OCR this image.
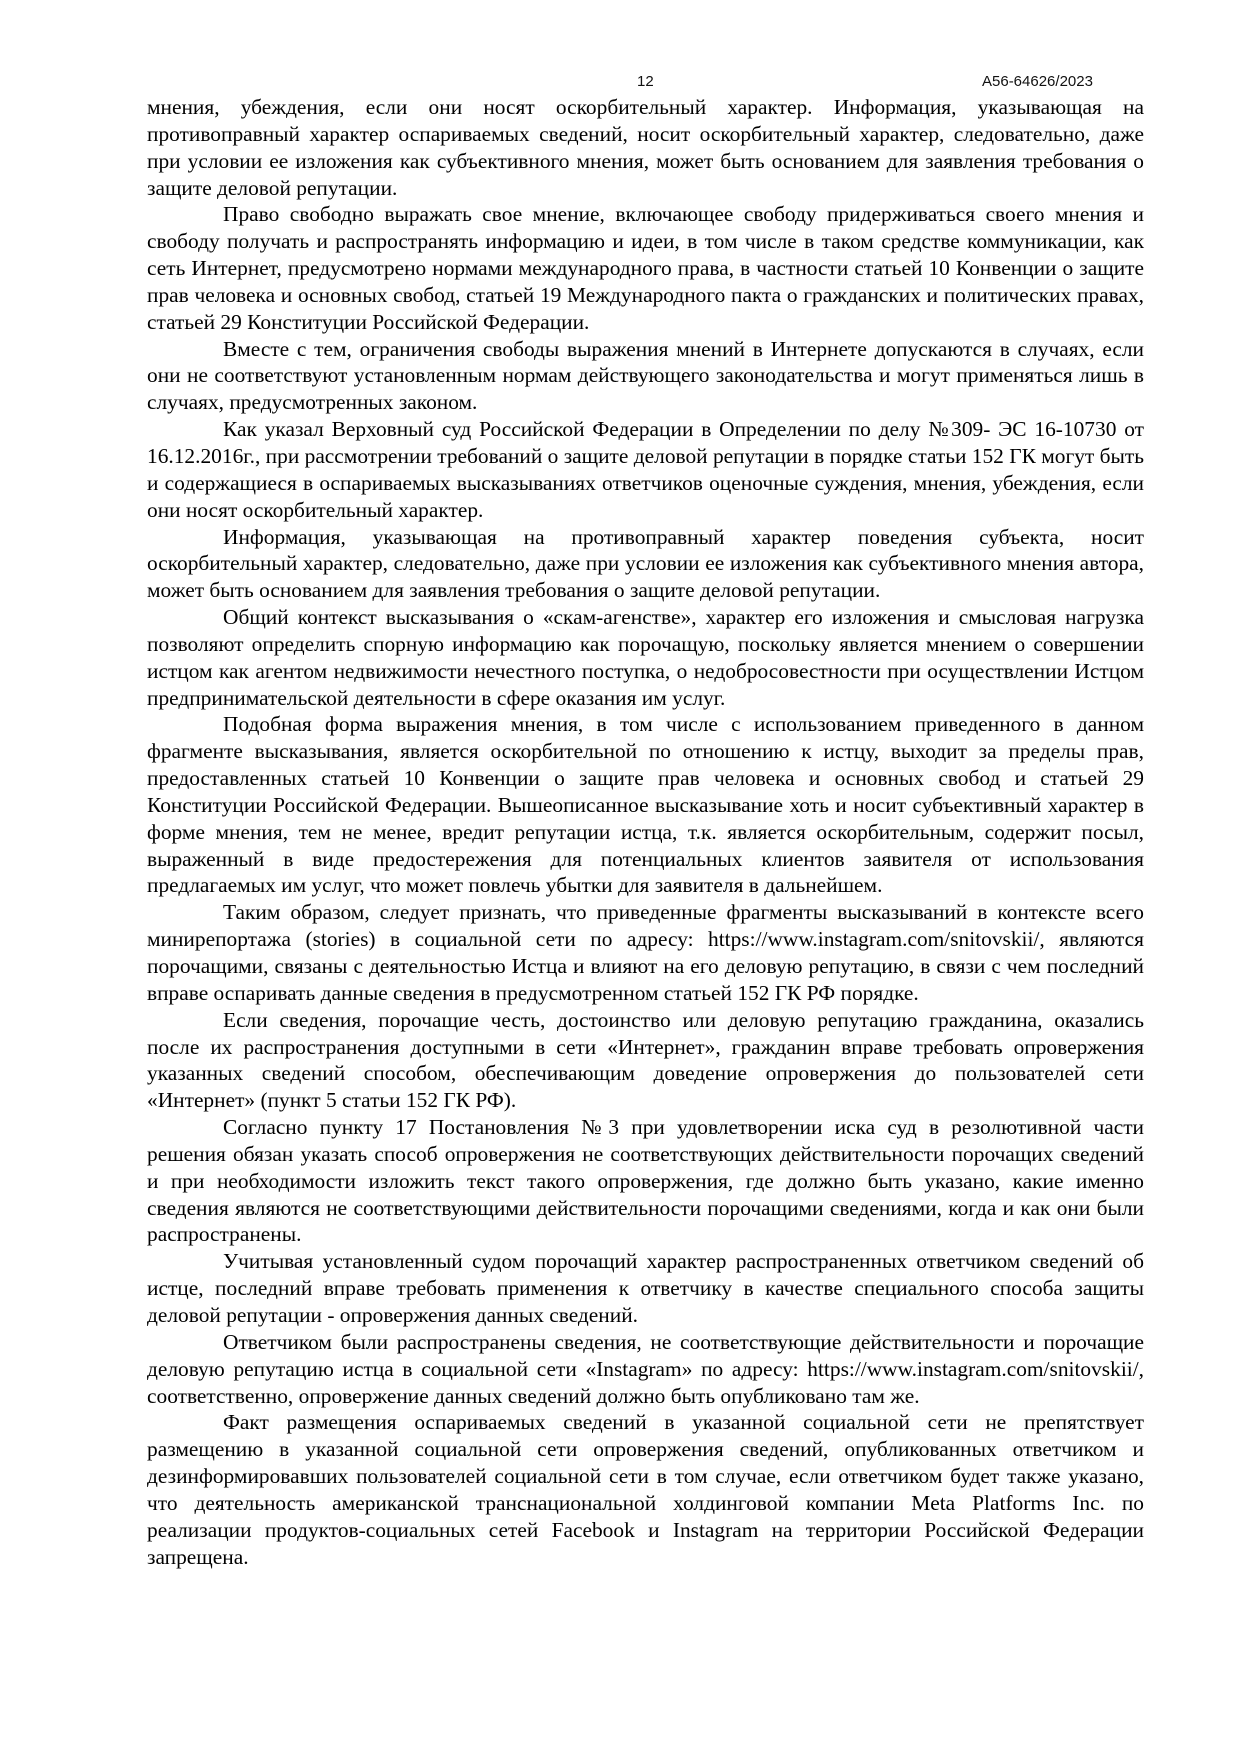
12	А56-64626/2023

мнения, убеждения, если они носят оскорбительный характер. Информация, указывающая на противоправный характер оспариваемых сведений, носит оскорбительный характер, следовательно, даже при условии ее изложения как субъективного мнения, может быть основанием для заявления требования о защите деловой репутации.

Право свободно выражать свое мнение, включающее свободу придерживаться своего мнения и свободу получать и распространять информацию и идеи, в том числе в таком средстве коммуникации, как сеть Интернет, предусмотрено нормами международного права, в частности статьей 10 Конвенции о защите прав человека и основных свобод, статьей 19 Международного пакта о гражданских и политических правах, статьей 29 Конституции Российской Федерации.

Вместе с тем, ограничения свободы выражения мнений в Интернете допускаются в случаях, если они не соответствуют установленным нормам действующего законодательства и могут применяться лишь в случаях, предусмотренных законом.

Как указал Верховный суд Российской Федерации в Определении по делу №309- ЭС 16-10730 от 16.12.2016г., при рассмотрении требований о защите деловой репутации в порядке статьи 152 ГК могут быть и содержащиеся в оспариваемых высказываниях ответчиков оценочные суждения, мнения, убеждения, если они носят оскорбительный характер.

Информация, указывающая на противоправный характер поведения субъекта, носит оскорбительный характер, следовательно, даже при условии ее изложения как субъективного мнения автора, может быть основанием для заявления требования о защите деловой репутации.

Общий контекст высказывания о «скам-агенстве», характер его изложения и смысловая нагрузка позволяют определить спорную информацию как порочащую, поскольку является мнением о совершении истцом как агентом недвижимости нечестного поступка, о недобросовестности при осуществлении Истцом предпринимательской деятельности в сфере оказания им услуг.

Подобная форма выражения мнения, в том числе с использованием приведенного в данном фрагменте высказывания, является оскорбительной по отношению к истцу, выходит за пределы прав, предоставленных статьей 10 Конвенции о защите прав человека и основных свобод и статьей 29 Конституции Российской Федерации. Вышеописанное высказывание хоть и носит субъективный характер в форме мнения, тем не менее, вредит репутации истца, т.к. является оскорбительным, содержит посыл, выраженный в виде предостережения для потенциальных клиентов заявителя от использования предлагаемых им услуг, что может повлечь убытки для заявителя в дальнейшем.

Таким образом, следует признать, что приведенные фрагменты высказываний в контексте всего минирепортажа (stories) в социальной сети по адресу: https://www.instagram.com/snitovskii/, являются порочащими, связаны с деятельностью Истца и влияют на его деловую репутацию, в связи с чем последний вправе оспаривать данные сведения в предусмотренном статьей 152 ГК РФ порядке.

Если сведения, порочащие честь, достоинство или деловую репутацию гражданина, оказались после их распространения доступными в сети «Интернет», гражданин вправе требовать опровержения указанных сведений способом, обеспечивающим доведение опровержения до пользователей сети «Интернет» (пункт 5 статьи 152 ГК РФ).

Согласно пункту 17 Постановления №3 при удовлетворении иска суд в резолютивной части решения обязан указать способ опровержения не соответствующих действительности порочащих сведений и при необходимости изложить текст такого опровержения, где должно быть указано, какие именно сведения являются не соответствующими действительности порочащими сведениями, когда и как они были распространены.

Учитывая установленный судом порочащий характер распространенных ответчиком сведений об истце, последний вправе требовать применения к ответчику в качестве специального способа защиты деловой репутации - опровержения данных сведений.

Ответчиком были распространены сведения, не соответствующие действительности и порочащие деловую репутацию истца в социальной сети «Instagram» по адресу: https://www.instagram.com/snitovskii/, соответственно, опровержение данных сведений должно быть опубликовано там же.

Факт размещения оспариваемых сведений в указанной социальной сети не препятствует размещению в указанной социальной сети опровержения сведений, опубликованных ответчиком и дезинформировавших пользователей социальной сети в том случае, если ответчиком будет также указано, что деятельность американской транснациональной холдинговой компании Meta Platforms Inc. по реализации продуктов-социальных сетей Facebook и Instagram на территории Российской Федерации запрещена.
